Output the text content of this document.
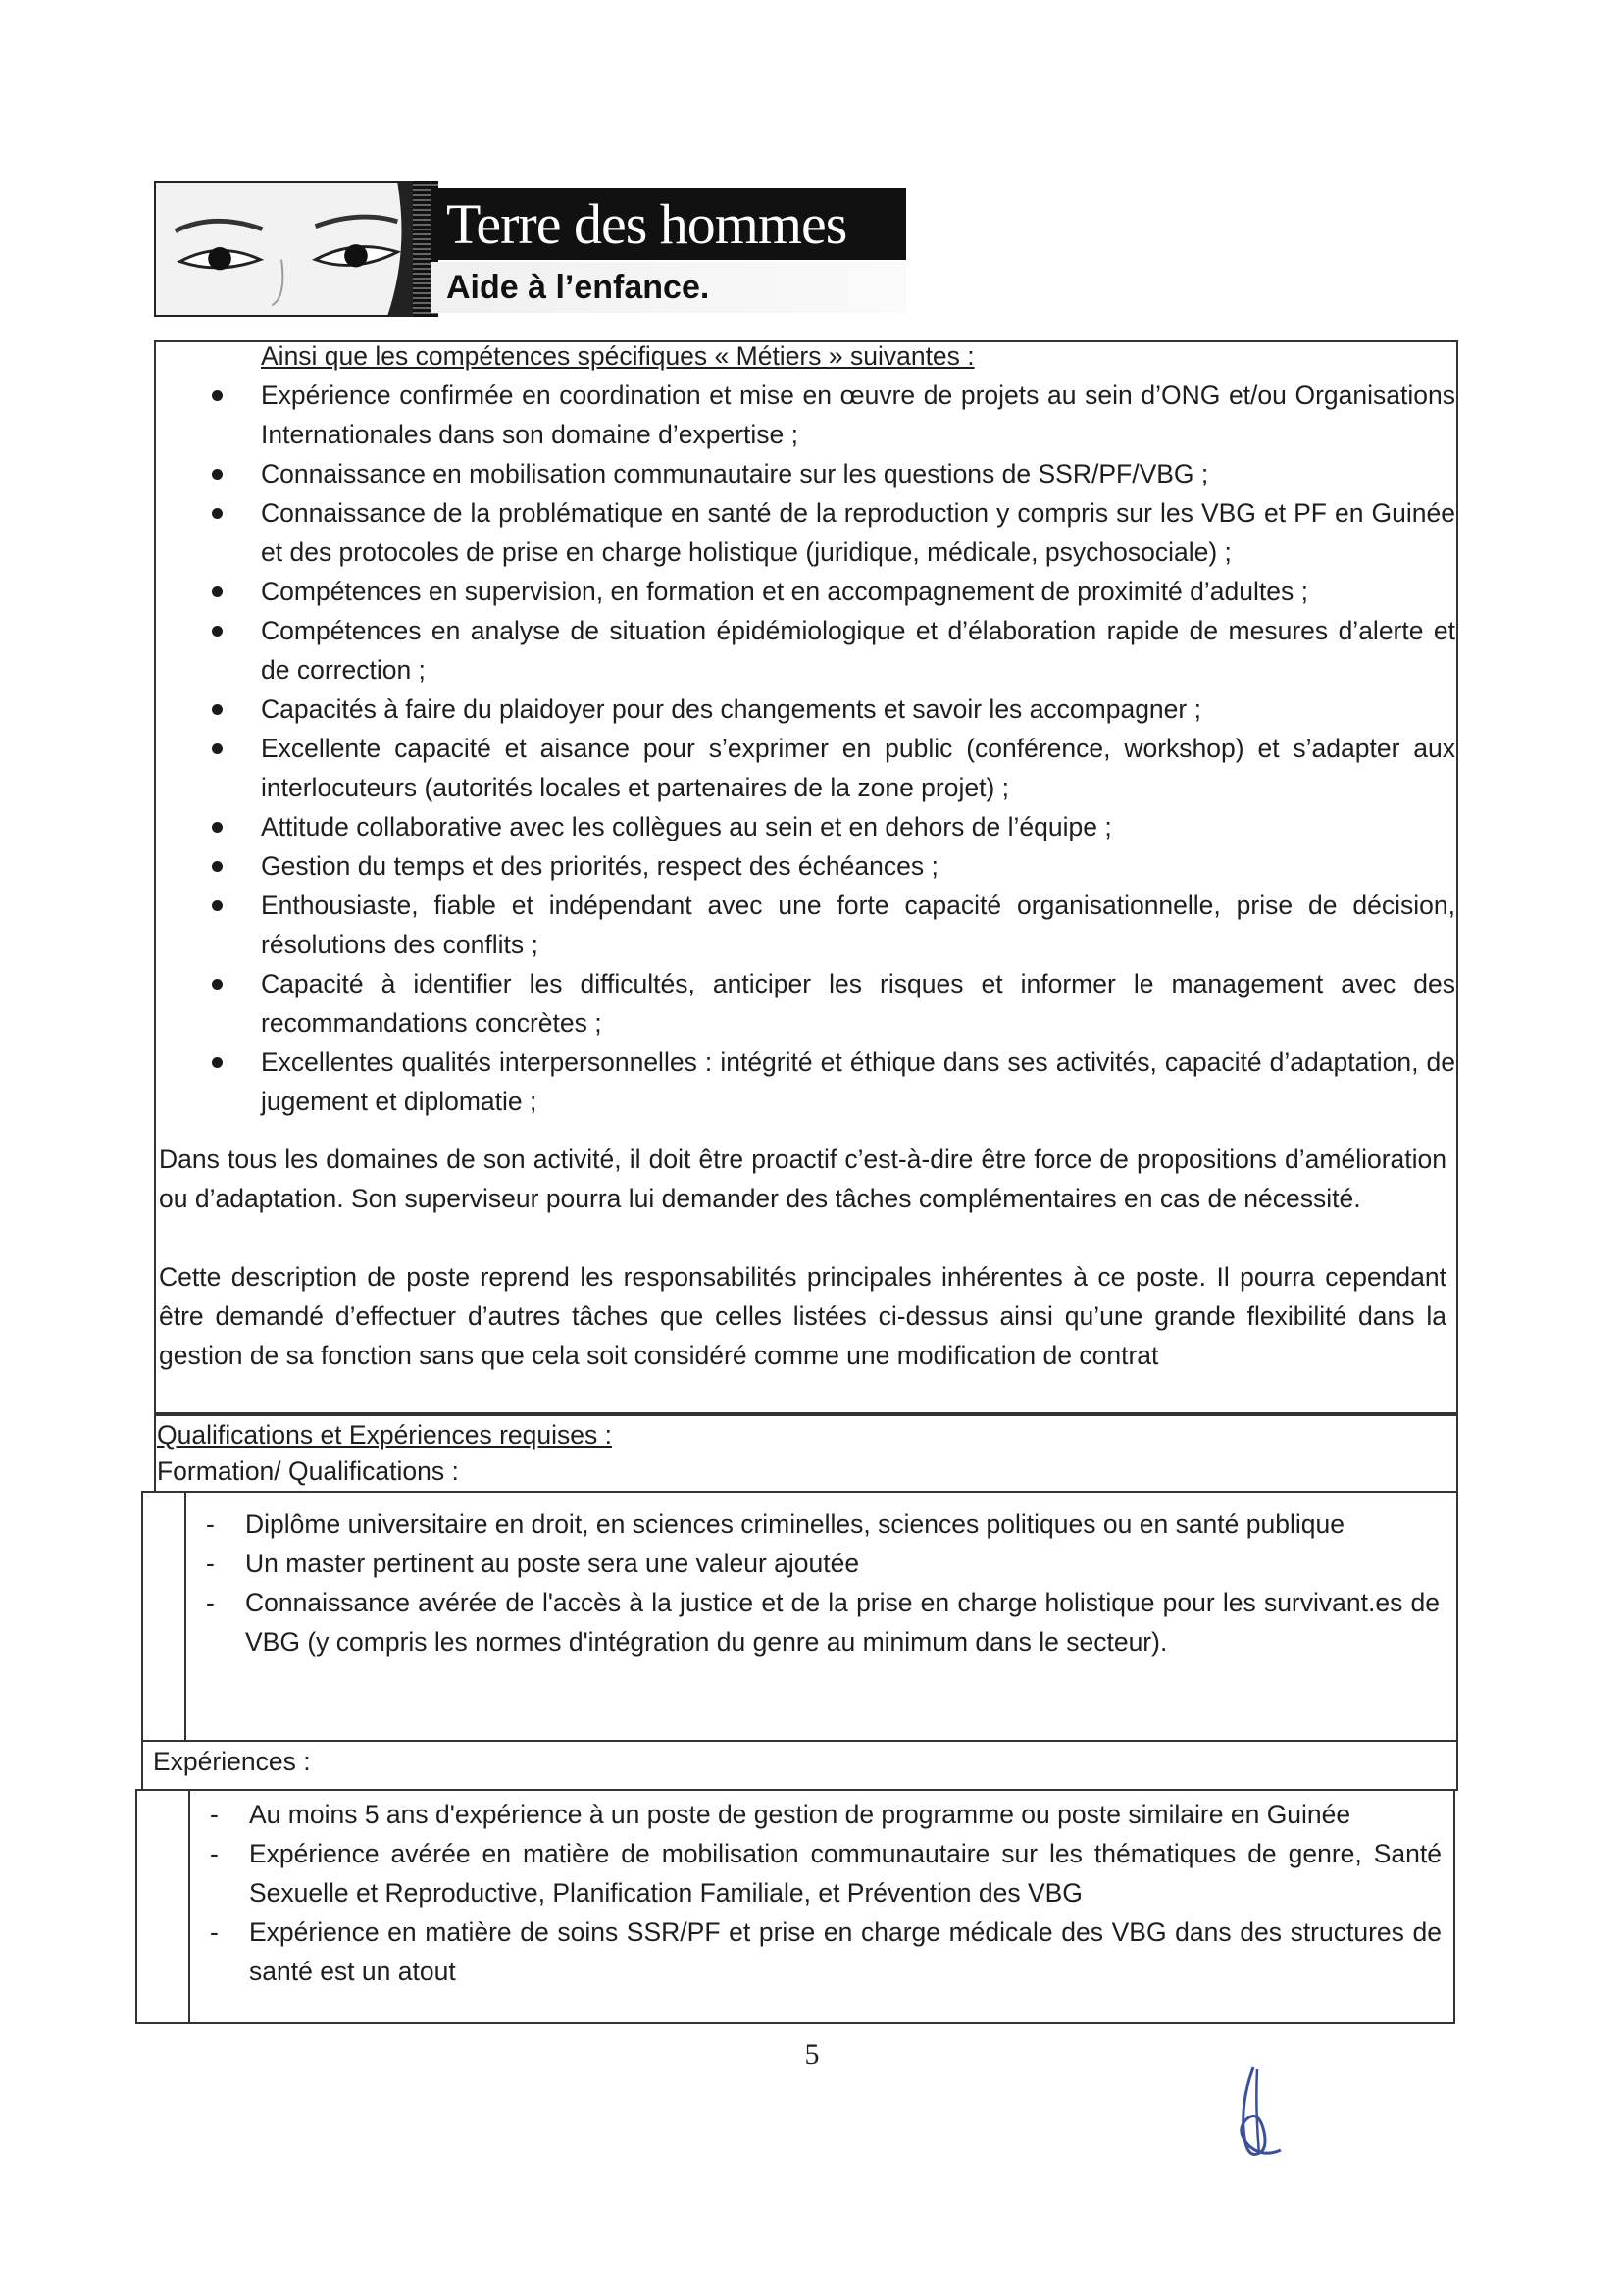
Terre des hommes
Aide à l’enfance.
Ainsi que les compétences spécifiques « Métiers » suivantes :
Expérience confirmée en coordination et mise en œuvre de projets au sein d’ONG et/ou Organisations Internationales dans son domaine d’expertise ;
Connaissance en mobilisation communautaire sur les questions de SSR/PF/VBG ;
Connaissance de la problématique en santé de la reproduction y compris sur les VBG et PF en Guinée et des protocoles de prise en charge holistique (juridique, médicale, psychosociale) ;
Compétences en supervision, en formation et en accompagnement de proximité d’adultes ;
Compétences en analyse de situation épidémiologique et d’élaboration rapide de mesures d’alerte et de correction ;
Capacités à faire du plaidoyer pour des changements et savoir les accompagner ;
Excellente capacité et aisance pour s’exprimer en public (conférence, workshop) et s’adapter aux interlocuteurs (autorités locales et partenaires de la zone projet) ;
Attitude collaborative avec les collègues au sein et en dehors de l’équipe ;
Gestion du temps et des priorités, respect des échéances ;
Enthousiaste, fiable et indépendant avec une forte capacité organisationnelle, prise de décision, résolutions des conflits ;
Capacité à identifier les difficultés, anticiper les risques et informer le management avec des recommandations concrètes ;
Excellentes qualités interpersonnelles : intégrité et éthique dans ses activités, capacité d’adaptation, de jugement et diplomatie ;
Dans tous les domaines de son activité, il doit être proactif c’est-à-dire être force de propositions d’amélioration ou d’adaptation. Son superviseur pourra lui demander des tâches complémentaires en cas de nécessité.
Cette description de poste reprend les responsabilités principales inhérentes à ce poste. Il pourra cependant être demandé d’effectuer d’autres tâches que celles listées ci-dessus ainsi qu’une grande flexibilité dans la gestion de sa fonction sans que cela soit considéré comme une modification de contrat
Qualifications et Expériences requises :
Formation/ Qualifications :
- Diplôme universitaire en droit, en sciences criminelles, sciences politiques ou en santé publique
- Un master pertinent au poste sera une valeur ajoutée
- Connaissance avérée de l'accès à la justice et de la prise en charge holistique pour les survivant.es de VBG (y compris les normes d'intégration du genre au minimum dans le secteur).
Expériences :
- Au moins 5 ans d'expérience à un poste de gestion de programme ou poste similaire en Guinée
- Expérience avérée en matière de mobilisation communautaire sur les thématiques de genre, Santé Sexuelle et Reproductive, Planification Familiale, et Prévention des VBG
- Expérience en matière de soins SSR/PF et prise en charge médicale des VBG dans des structures de santé est un atout
5
